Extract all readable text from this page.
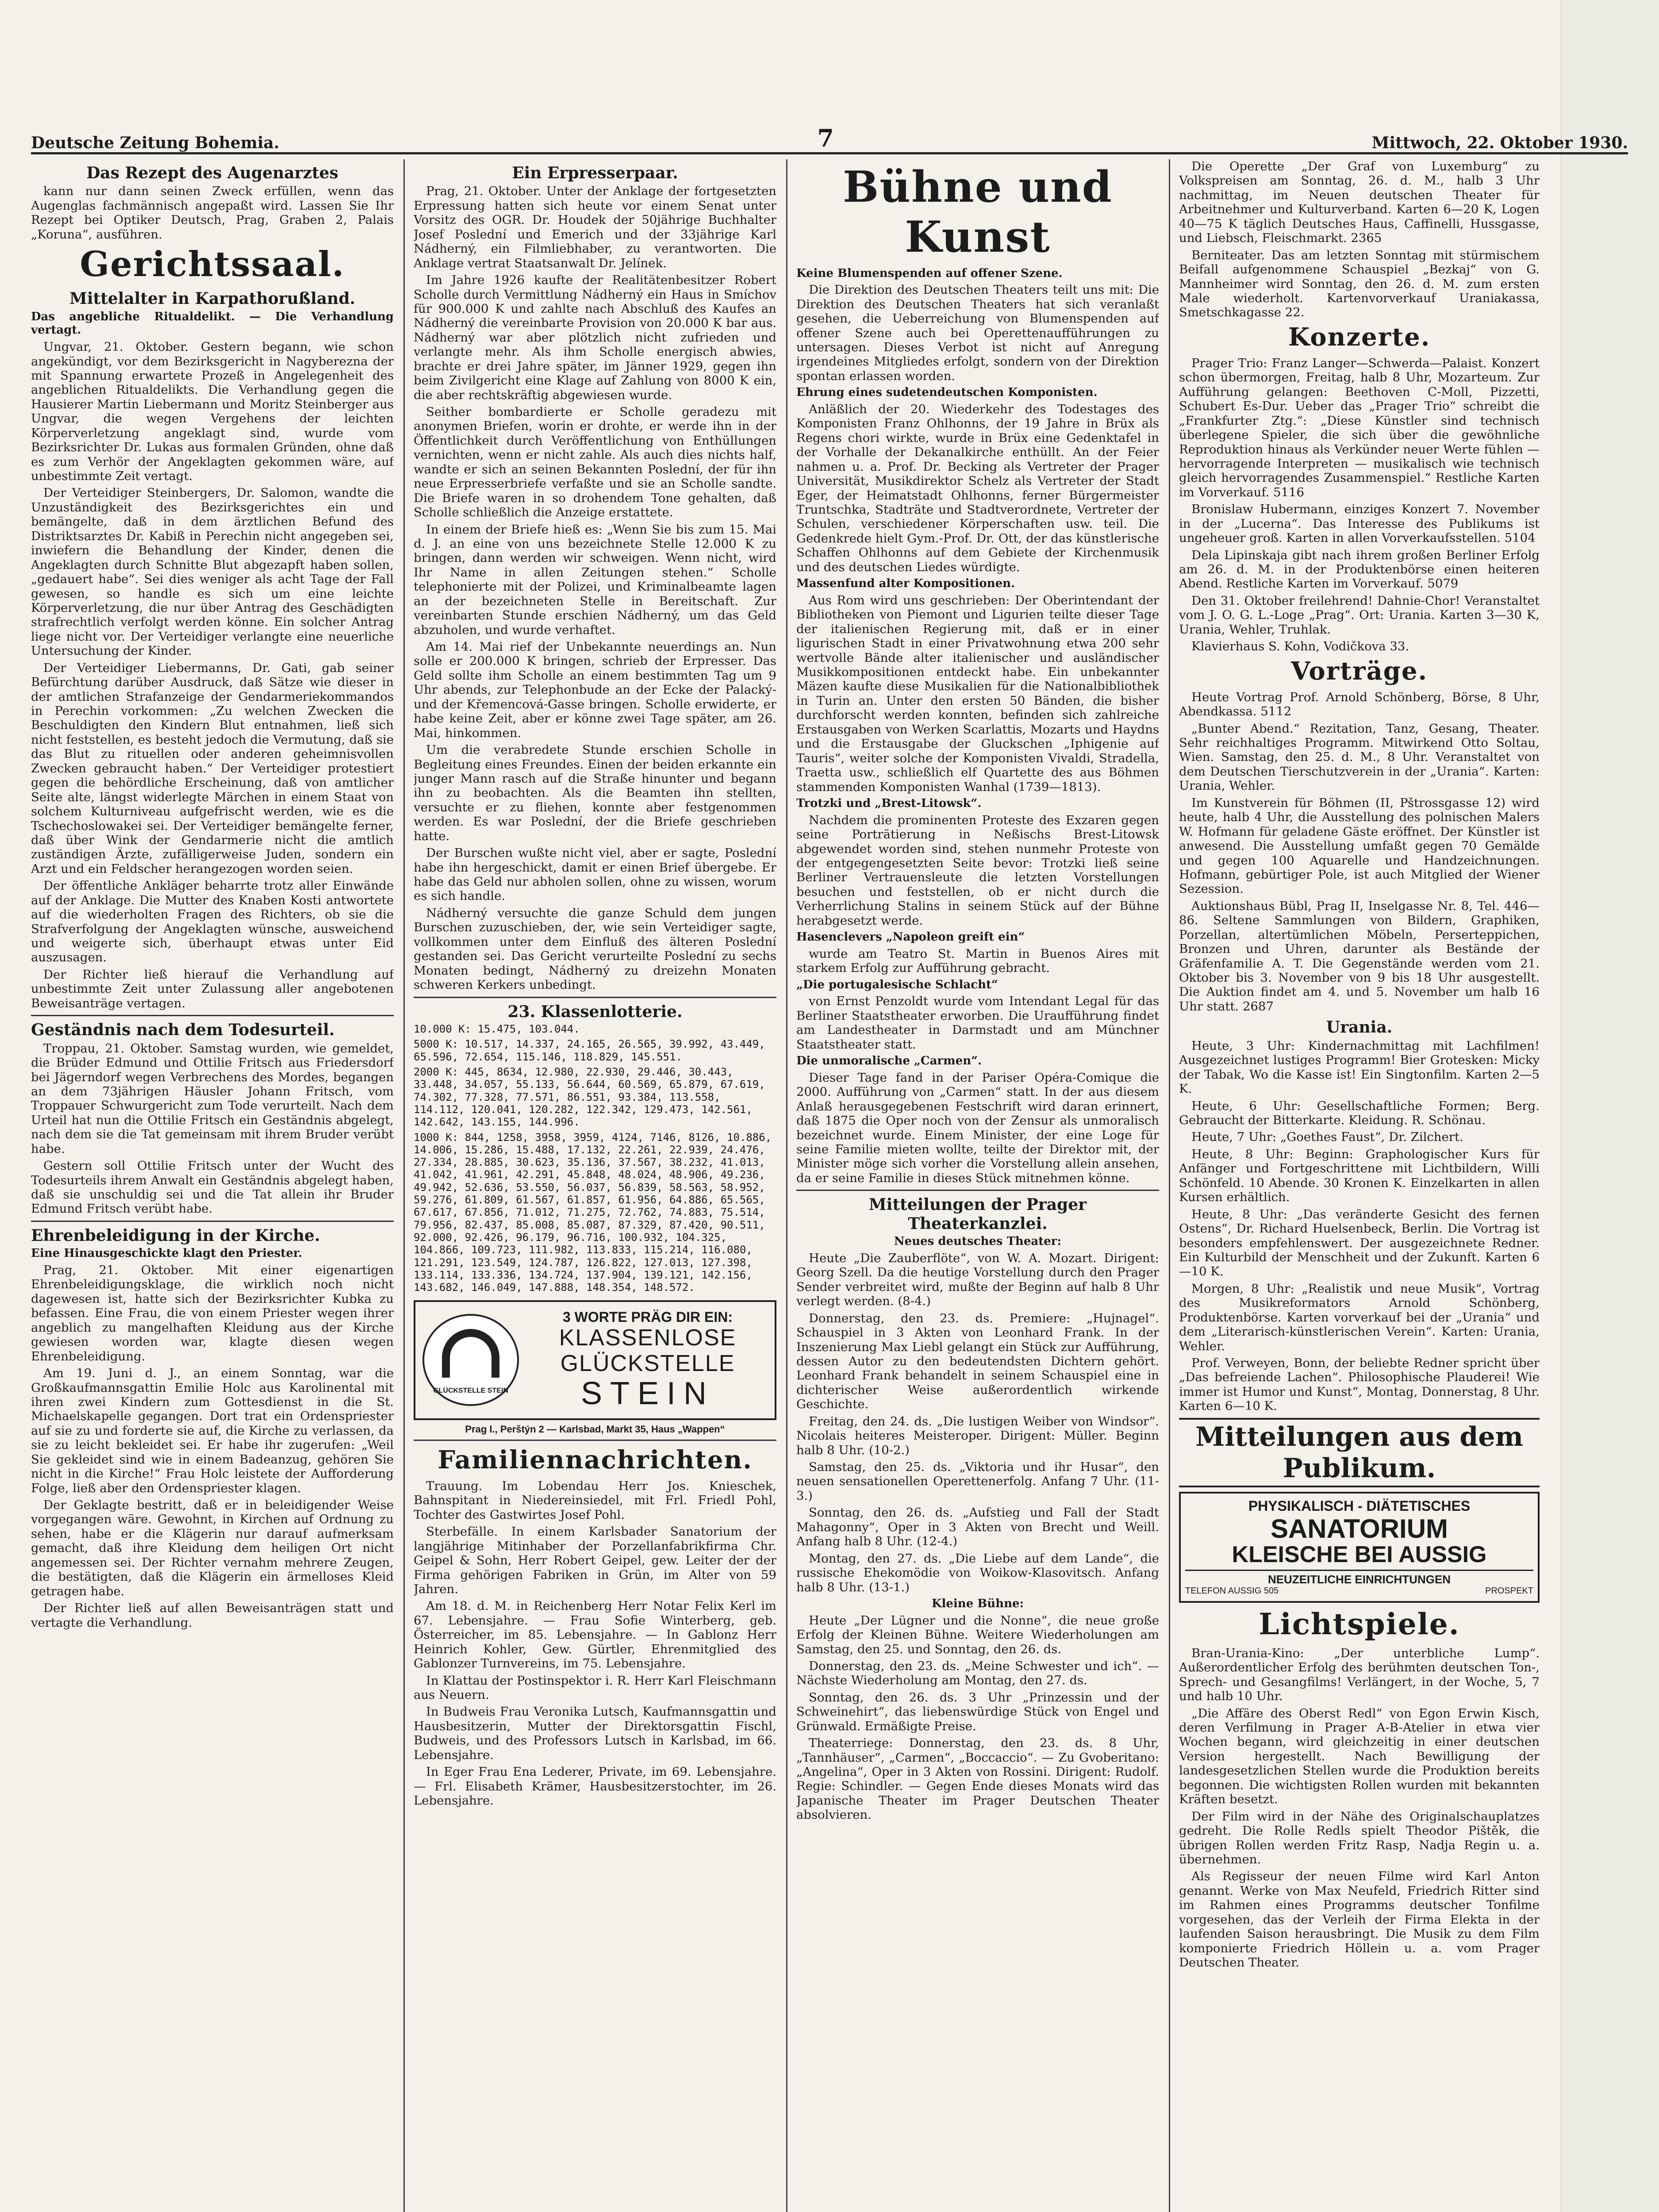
Deutsche Zeitung Bohemia.	7	Mittwoch, 22. Oktober 1930.
Das Rezept des Augenarztes

kann nur dann seinen Zweck erfüllen, wenn das Augenglas fachmännisch angepaßt wird. Lassen Sie Ihr Rezept bei Optiker Deutsch, Prag, Graben 2, Palais „Koruna“, ausführen.

Gerichtssaal.
Mittelalter in Karpathorußland.
Das angebliche Ritualdelikt. — Die Verhandlung vertagt.

Ungvar, 21. Oktober. Gestern begann, wie schon angekündigt, vor dem Bezirksgericht in Nagyberezna der mit Spannung erwartete Prozeß in Angelegenheit des angeblichen Ritualdelikts. Die Verhandlung gegen die Hausierer Martin Liebermann und Moritz Steinberger aus Ungvar, die wegen Vergehens der leichten Körperverletzung angeklagt sind, wurde vom Bezirksrichter Dr. Lukas aus formalen Gründen, ohne daß es zum Verhör der Angeklagten gekommen wäre, auf unbestimmte Zeit vertagt.

Der Verteidiger Steinbergers, Dr. Salomon, wandte die Unzuständigkeit des Bezirksgerichtes ein und bemängelte, daß in dem ärztlichen Befund des Distriktsarztes Dr. Kabiß in Perechin nicht angegeben sei, inwiefern die Behandlung der Kinder, denen die Angeklagten durch Schnitte Blut abgezapft haben sollen, „gedauert habe“. Sei dies weniger als acht Tage der Fall gewesen, so handle es sich um eine leichte Körperverletzung, die nur über Antrag des Geschädigten strafrechtlich verfolgt werden könne. Ein solcher Antrag liege nicht vor. Der Verteidiger verlangte eine neuerliche Untersuchung der Kinder.

Der Verteidiger Liebermanns, Dr. Gati, gab seiner Befürchtung darüber Ausdruck, daß Sätze wie dieser in der amtlichen Strafanzeige der Gendarmeriekommandos in Perechin vorkommen: „Zu welchen Zwecken die Beschuldigten den Kindern Blut entnahmen, ließ sich nicht feststellen, es besteht jedoch die Vermutung, daß sie das Blut zu rituellen oder anderen geheimnisvollen Zwecken gebraucht haben.“ Der Verteidiger protestiert gegen die behördliche Erscheinung, daß von amtlicher Seite alte, längst widerlegte Märchen in einem Staat von solchem Kulturniveau aufgefrischt werden, wie es die Tschechoslowakei sei. Der Verteidiger bemängelte ferner, daß über Wink der Gendarmerie nicht die amtlich zuständigen Ärzte, zufälligerweise Juden, sondern ein Arzt und ein Feldscher herangezogen worden seien.

Der öffentliche Ankläger beharrte trotz aller Einwände auf der Anklage. Die Mutter des Knaben Kosti antwortete auf die wiederholten Fragen des Richters, ob sie die Strafverfolgung der Angeklagten wünsche, ausweichend und weigerte sich, überhaupt etwas unter Eid auszusagen.

Der Richter ließ hierauf die Verhandlung auf unbestimmte Zeit unter Zulassung aller angebotenen Beweisanträge vertagen.

Geständnis nach dem Todesurteil.

Troppau, 21. Oktober. Samstag wurden, wie gemeldet, die Brüder Edmund und Ottilie Fritsch aus Friedersdorf bei Jägerndorf wegen Verbrechens des Mordes, begangen an dem 73jährigen Häusler Johann Fritsch, vom Troppauer Schwurgericht zum Tode verurteilt. Nach dem Urteil hat nun die Ottilie Fritsch ein Geständnis abgelegt, nach dem sie die Tat gemeinsam mit ihrem Bruder verübt habe.

Gestern soll Ottilie Fritsch unter der Wucht des Todesurteils ihrem Anwalt ein Geständnis abgelegt haben, daß sie unschuldig sei und die Tat allein ihr Bruder Edmund Fritsch verübt habe.

Ehrenbeleidigung in der Kirche.
Eine Hinausgeschickte klagt den Priester.

Prag, 21. Oktober. Mit einer eigenartigen Ehrenbeleidigungsklage, die wirklich noch nicht dagewesen ist, hatte sich der Bezirksrichter Kubka zu befassen. Eine Frau, die von einem Priester wegen ihrer angeblich zu mangelhaften Kleidung aus der Kirche gewiesen worden war, klagte diesen wegen Ehrenbeleidigung.

Am 19. Juni d. J., an einem Sonntag, war die Großkaufmannsgattin Emilie Holc aus Karolinental mit ihren zwei Kindern zum Gottesdienst in die St. Michaelskapelle gegangen. Dort trat ein Ordenspriester auf sie zu und forderte sie auf, die Kirche zu verlassen, da sie zu leicht bekleidet sei. Er habe ihr zugerufen: „Weil Sie gekleidet sind wie in einem Badeanzug, gehören Sie nicht in die Kirche!“ Frau Holc leistete der Aufforderung Folge, ließ aber den Ordenspriester klagen.

Der Geklagte bestritt, daß er in beleidigender Weise vorgegangen wäre. Gewohnt, in Kirchen auf Ordnung zu sehen, habe er die Klägerin nur darauf aufmerksam gemacht, daß ihre Kleidung dem heiligen Ort nicht angemessen sei. Der Richter vernahm mehrere Zeugen, die bestätigten, daß die Klägerin ein ärmelloses Kleid getragen habe.

Der Richter ließ auf allen Beweisanträgen statt und vertagte die Verhandlung.

Ein Erpresserpaar.

Prag, 21. Oktober. Unter der Anklage der fortgesetzten Erpressung hatten sich heute vor einem Senat unter Vorsitz des OGR. Dr. Houdek der 50jährige Buchhalter Josef Poslední und Emerich und der 33jährige Karl Nádherný, ein Filmliebhaber, zu verantworten. Die Anklage vertrat Staatsanwalt Dr. Jelínek.

Im Jahre 1926 kaufte der Realitätenbesitzer Robert Scholle durch Vermittlung Nádherný ein Haus in Smíchov für 900.000 K und zahlte nach Abschluß des Kaufes an Nádherný die vereinbarte Provision von 20.000 K bar aus. Nádherný war aber plötzlich nicht zufrieden und verlangte mehr. Als ihm Scholle energisch abwies, brachte er drei Jahre später, im Jänner 1929, gegen ihn beim Zivilgericht eine Klage auf Zahlung von 8000 K ein, die aber rechtskräftig abgewiesen wurde.

Seither bombardierte er Scholle geradezu mit anonymen Briefen, worin er drohte, er werde ihn in der Öffentlichkeit durch Veröffentlichung von Enthüllungen vernichten, wenn er nicht zahle. Als auch dies nichts half, wandte er sich an seinen Bekannten Poslední, der für ihn neue Erpresserbriefe verfaßte und sie an Scholle sandte. Die Briefe waren in so drohendem Tone gehalten, daß Scholle schließlich die Anzeige erstattete.

In einem der Briefe hieß es: „Wenn Sie bis zum 15. Mai d. J. an eine von uns bezeichnete Stelle 12.000 K zu bringen, dann werden wir schweigen. Wenn nicht, wird Ihr Name in allen Zeitungen stehen.“ Scholle telephonierte mit der Polizei, und Kriminalbeamte lagen an der bezeichneten Stelle in Bereitschaft. Zur vereinbarten Stunde erschien Nádherný, um das Geld abzuholen, und wurde verhaftet.

Am 14. Mai rief der Unbekannte neuerdings an. Nun solle er 200.000 K bringen, schrieb der Erpresser. Das Geld sollte ihm Scholle an einem bestimmten Tag um 9 Uhr abends, zur Telephonbude an der Ecke der Palacký- und der Křemencová-Gasse bringen. Scholle erwiderte, er habe keine Zeit, aber er könne zwei Tage später, am 26. Mai, hinkommen.

Um die verabredete Stunde erschien Scholle in Begleitung eines Freundes. Einen der beiden erkannte ein junger Mann rasch auf die Straße hinunter und begann ihn zu beobachten. Als die Beamten ihn stellten, versuchte er zu fliehen, konnte aber festgenommen werden. Es war Poslední, der die Briefe geschrieben hatte.

Der Burschen wußte nicht viel, aber er sagte, Poslední habe ihn hergeschickt, damit er einen Brief übergebe. Er habe das Geld nur abholen sollen, ohne zu wissen, worum es sich handle.

Nádherný versuchte die ganze Schuld dem jungen Burschen zuzuschieben, der, wie sein Verteidiger sagte, vollkommen unter dem Einfluß des älteren Poslední gestanden sei. Das Gericht verurteilte Poslední zu sechs Monaten bedingt, Nádherný zu dreizehn Monaten schweren Kerkers unbedingt.

23. Klassenlotterie.

10.000 K: 15.475, 103.044.

5000 K: 10.517, 14.337, 24.165, 26.565, 39.992, 43.449, 65.596, 72.654, 115.146, 118.829, 145.551.

2000 K: 445, 8634, 12.980, 22.930, 29.446, 30.443, 33.448, 34.057, 55.133, 56.644, 60.569, 65.879, 67.619, 74.302, 77.328, 77.571, 86.551, 93.384, 113.558, 114.112, 120.041, 120.282, 122.342, 129.473, 142.561, 142.642, 143.155, 144.996.

1000 K: 844, 1258, 3958, 3959, 4124, 7146, 8126, 10.886, 14.006, 15.286, 15.488, 17.132, 22.261, 22.939, 24.476, 27.334, 28.885, 30.623, 35.136, 37.567, 38.232, 41.013, 41.042, 41.961, 42.291, 45.848, 48.024, 48.906, 49.236, 49.942, 52.636, 53.550, 56.037, 56.839, 58.563, 58.952, 59.276, 61.809, 61.567, 61.857, 61.956, 64.886, 65.565, 67.617, 67.856, 71.012, 71.275, 72.762, 74.883, 75.514, 79.956, 82.437, 85.008, 85.087, 87.329, 87.420, 90.511, 92.000, 92.426, 96.179, 96.716, 100.932, 104.325, 104.866, 109.723, 111.982, 113.833, 115.214, 116.080, 121.291, 123.549, 124.787, 126.822, 127.013, 127.398, 133.114, 133.336, 134.724, 137.904, 139.121, 142.156, 143.682, 146.049, 147.888, 148.354, 148.572.

GLÜCKSTELLE STEIN
3 WORTE PRÄG DIR EIN:
KLASSENLOSE
GLÜCKSTELLE
STEIN
Prag I., Perštýn 2 — Karlsbad, Markt 35, Haus „Wappen“
Familiennachrichten.

Trauung. Im Lobendau Herr Jos. Knieschek, Bahnspitant in Niedereinsiedel, mit Frl. Friedl Pohl, Tochter des Gastwirtes Josef Pohl.

Sterbefälle. In einem Karlsbader Sanatorium der langjährige Mitinhaber der Porzellanfabrikfirma Chr. Geipel & Sohn, Herr Robert Geipel, gew. Leiter der der Firma gehörigen Fabriken in Grün, im Alter von 59 Jahren.

Am 18. d. M. in Reichenberg Herr Notar Felix Kerl im 67. Lebensjahre. — Frau Sofie Winterberg, geb. Österreicher, im 85. Lebensjahre. — In Gablonz Herr Heinrich Kohler, Gew. Gürtler, Ehrenmitglied des Gablonzer Turnvereins, im 75. Lebensjahre.

In Klattau der Postinspektor i. R. Herr Karl Fleischmann aus Neuern.

In Budweis Frau Veronika Lutsch, Kaufmannsgattin und Hausbesitzerin, Mutter der Direktorsgattin Fischl, Budweis, und des Professors Lutsch in Karlsbad, im 66. Lebensjahre.

In Eger Frau Ena Lederer, Private, im 69. Lebensjahre. — Frl. Elisabeth Krämer, Hausbesitzerstochter, im 26. Lebensjahre.

Bühne und Kunst
Keine Blumenspenden auf offener Szene.

Die Direktion des Deutschen Theaters teilt uns mit: Die Direktion des Deutschen Theaters hat sich veranlaßt gesehen, die Ueberreichung von Blumenspenden auf offener Szene auch bei Operettenaufführungen zu untersagen. Dieses Verbot ist nicht auf Anregung irgendeines Mitgliedes erfolgt, sondern von der Direktion spontan erlassen worden.

Ehrung eines sudetendeutschen Komponisten.

Anläßlich der 20. Wiederkehr des Todestages des Komponisten Franz Ohlhonns, der 19 Jahre in Brüx als Regens chori wirkte, wurde in Brüx eine Gedenktafel in der Vorhalle der Dekanalkirche enthüllt. An der Feier nahmen u. a. Prof. Dr. Becking als Vertreter der Prager Universität, Musikdirektor Schelz als Vertreter der Stadt Eger, der Heimatstadt Ohlhonns, ferner Bürgermeister Truntschka, Stadträte und Stadtverordnete, Vertreter der Schulen, verschiedener Körperschaften usw. teil. Die Gedenkrede hielt Gym.-Prof. Dr. Ott, der das künstlerische Schaffen Ohlhonns auf dem Gebiete der Kirchenmusik und des deutschen Liedes würdigte.

Massenfund alter Kompositionen.

Aus Rom wird uns geschrieben: Der Oberintendant der Bibliotheken von Piemont und Ligurien teilte dieser Tage der italienischen Regierung mit, daß er in einer ligurischen Stadt in einer Privatwohnung etwa 200 sehr wertvolle Bände alter italienischer und ausländischer Musikkompositionen entdeckt habe. Ein unbekannter Mäzen kaufte diese Musikalien für die Nationalbibliothek in Turin an. Unter den ersten 50 Bänden, die bisher durchforscht werden konnten, befinden sich zahlreiche Erstausgaben von Werken Scarlattis, Mozarts und Haydns und die Erstausgabe der Gluckschen „Iphigenie auf Tauris“, weiter solche der Komponisten Vivaldi, Stradella, Traetta usw., schließlich elf Quartette des aus Böhmen stammenden Komponisten Wanhal (1739—1813).

Trotzki und „Brest-Litowsk“.

Nachdem die prominenten Proteste des Exzaren gegen seine Porträtierung in Neßischs Brest-Litowsk abgewendet worden sind, stehen nunmehr Proteste von der entgegengesetzten Seite bevor: Trotzki ließ seine Berliner Vertrauensleute die letzten Vorstellungen besuchen und feststellen, ob er nicht durch die Verherrlichung Stalins in seinem Stück auf der Bühne herabgesetzt werde.

Hasenclevers „Napoleon greift ein“

wurde am Teatro St. Martin in Buenos Aires mit starkem Erfolg zur Aufführung gebracht.

„Die portugalesische Schlacht“

von Ernst Penzoldt wurde vom Intendant Legal für das Berliner Staatstheater erworben. Die Uraufführung findet am Landestheater in Darmstadt und am Münchner Staatstheater statt.

Die unmoralische „Carmen“.

Dieser Tage fand in der Pariser Opéra-Comique die 2000. Aufführung von „Carmen“ statt. In der aus diesem Anlaß herausgegebenen Festschrift wird daran erinnert, daß 1875 die Oper noch von der Zensur als unmoralisch bezeichnet wurde. Einem Minister, der eine Loge für seine Familie mieten wollte, teilte der Direktor mit, der Minister möge sich vorher die Vorstellung allein ansehen, da er seine Familie in dieses Stück mitnehmen könne.

Mitteilungen der Prager Theaterkanzlei.
Neues deutsches Theater:

Heute „Die Zauberflöte“, von W. A. Mozart. Dirigent: Georg Szell. Da die heutige Vorstellung durch den Prager Sender verbreitet wird, mußte der Beginn auf halb 8 Uhr verlegt werden. (8-4.)

Donnerstag, den 23. ds. Premiere: „Hujnagel“. Schauspiel in 3 Akten von Leonhard Frank. In der Inszenierung Max Liebl gelangt ein Stück zur Aufführung, dessen Autor zu den bedeutendsten Dichtern gehört. Leonhard Frank behandelt in seinem Schauspiel eine in dichterischer Weise außerordentlich wirkende Geschichte.

Freitag, den 24. ds. „Die lustigen Weiber von Windsor“. Nicolais heiteres Meisteroper. Dirigent: Müller. Beginn halb 8 Uhr. (10-2.)

Samstag, den 25. ds. „Viktoria und ihr Husar“, den neuen sensationellen Operettenerfolg. Anfang 7 Uhr. (11-3.)

Sonntag, den 26. ds. „Aufstieg und Fall der Stadt Mahagonny“, Oper in 3 Akten von Brecht und Weill. Anfang halb 8 Uhr. (12-4.)

Montag, den 27. ds. „Die Liebe auf dem Lande“, die russische Ehekomödie von Woikow-Klasovitsch. Anfang halb 8 Uhr. (13-1.)

Kleine Bühne:

Heute „Der Lügner und die Nonne“, die neue große Erfolg der Kleinen Bühne. Weitere Wiederholungen am Samstag, den 25. und Sonntag, den 26. ds.

Donnerstag, den 23. ds. „Meine Schwester und ich“. — Nächste Wiederholung am Montag, den 27. ds.

Sonntag, den 26. ds. 3 Uhr „Prinzessin und der Schweinehirt“, das liebenswürdige Stück von Engel und Grünwald. Ermäßigte Preise.

Theaterriege: Donnerstag, den 23. ds. 8 Uhr, „Tannhäuser“, „Carmen“, „Boccaccio“. — Zu Gvoberitano: „Angelina“, Oper in 3 Akten von Rossini. Dirigent: Rudolf. Regie: Schindler. — Gegen Ende dieses Monats wird das Japanische Theater im Prager Deutschen Theater absolvieren.

Die Operette „Der Graf von Luxemburg“ zu Volkspreisen am Sonntag, 26. d. M., halb 3 Uhr nachmittag, im Neuen deutschen Theater für Arbeitnehmer und Kulturverband. Karten 6—20 K, Logen 40—75 K täglich Deutsches Haus, Caffinelli, Hussgasse, und Liebsch, Fleischmarkt. 2365

Berniteater. Das am letzten Sonntag mit stürmischem Beifall aufgenommene Schauspiel „Bezkaj“ von G. Mannheimer wird Sonntag, den 26. d. M. zum ersten Male wiederholt. Kartenvorverkauf Uraniakassa, Smetschkagasse 22.

Konzerte.

Prager Trio: Franz Langer—Schwerda—Palaist. Konzert schon übermorgen, Freitag, halb 8 Uhr, Mozarteum. Zur Aufführung gelangen: Beethoven C-Moll, Pizzetti, Schubert Es-Dur. Ueber das „Prager Trio“ schreibt die „Frankfurter Ztg.“: „Diese Künstler sind technisch überlegene Spieler, die sich über die gewöhnliche Reproduktion hinaus als Verkünder neuer Werte fühlen — hervorragende Interpreten — musikalisch wie technisch gleich hervorragendes Zusammenspiel.“ Restliche Karten im Vorverkauf. 5116

Bronislaw Hubermann, einziges Konzert 7. November in der „Lucerna“. Das Interesse des Publikums ist ungeheuer groß. Karten in allen Vorverkaufsstellen. 5104

Dela Lipinskaja gibt nach ihrem großen Berliner Erfolg am 26. d. M. in der Produktenbörse einen heiteren Abend. Restliche Karten im Vorverkauf. 5079

Den 31. Oktober freilehrend! Dahnie-Chor! Veranstaltet vom J. O. G. L.-Loge „Prag“. Ort: Urania. Karten 3—30 K, Urania, Wehler, Truhlak.

Klavierhaus S. Kohn, Vodičkova 33.

Vorträge.

Heute Vortrag Prof. Arnold Schönberg, Börse, 8 Uhr, Abendkassa. 5112

„Bunter Abend.“ Rezitation, Tanz, Gesang, Theater. Sehr reichhaltiges Programm. Mitwirkend Otto Soltau, Wien. Samstag, den 25. d. M., 8 Uhr. Veranstaltet von dem Deutschen Tierschutzverein in der „Urania“. Karten: Urania, Wehler.

Im Kunstverein für Böhmen (II, Pštrossgasse 12) wird heute, halb 4 Uhr, die Ausstellung des polnischen Malers W. Hofmann für geladene Gäste eröffnet. Der Künstler ist anwesend. Die Ausstellung umfaßt gegen 70 Gemälde und gegen 100 Aquarelle und Handzeichnungen. Hofmann, gebürtiger Pole, ist auch Mitglied der Wiener Sezession.

Auktionshaus Bübl, Prag II, Inselgasse Nr. 8, Tel. 446—86. Seltene Sammlungen von Bildern, Graphiken, Porzellan, altertümlichen Möbeln, Perserteppichen, Bronzen und Uhren, darunter als Bestände der Gräfenfamilie A. T. Die Gegenstände werden vom 21. Oktober bis 3. November von 9 bis 18 Uhr ausgestellt. Die Auktion findet am 4. und 5. November um halb 16 Uhr statt. 2687

Urania.

Heute, 3 Uhr: Kindernachmittag mit Lachfilmen! Ausgezeichnet lustiges Programm! Bier Grotesken: Micky der Tabak, Wo die Kasse ist! Ein Singtonfilm. Karten 2—5 K.

Heute, 6 Uhr: Gesellschaftliche Formen; Berg. Gebraucht der Bitterkarte. Kleidung. R. Schönau.

Heute, 7 Uhr: „Goethes Faust“, Dr. Zilchert.

Heute, 8 Uhr: Beginn: Graphologischer Kurs für Anfänger und Fortgeschrittene mit Lichtbildern, Willi Schönfeld. 10 Abende. 30 Kronen K. Einzelkarten in allen Kursen erhältlich.

Heute, 8 Uhr: „Das veränderte Gesicht des fernen Ostens“, Dr. Richard Huelsenbeck, Berlin. Die Vortrag ist besonders empfehlenswert. Der ausgezeichnete Redner. Ein Kulturbild der Menschheit und der Zukunft. Karten 6—10 K.

Morgen, 8 Uhr: „Realistik und neue Musik“, Vortrag des Musikreformators Arnold Schönberg, Produktenbörse. Karten vorverkauf bei der „Urania“ und dem „Literarisch-künstlerischen Verein“. Karten: Urania, Wehler.

Prof. Verweyen, Bonn, der beliebte Redner spricht über „Das befreiende Lachen“. Philosophische Plauderei! Wie immer ist Humor und Kunst“, Montag, Donnerstag, 8 Uhr. Karten 6—10 K.

Mitteilungen aus dem Publikum.
PHYSIKALISCH - DIÄTETISCHES
SANATORIUM
KLEISCHE BEI AUSSIG
NEUZEITLICHE EINRICHTUNGEN
TELEFON AUSSIG 505	PROSPEKT
Lichtspiele.

Bran-Urania-Kino: „Der unterbliche Lump“. Außerordentlicher Erfolg des berühmten deutschen Ton-, Sprech- und Gesangfilms! Verlängert, in der Woche, 5, 7 und halb 10 Uhr.

„Die Affäre des Oberst Redl“ von Egon Erwin Kisch, deren Verfilmung in Prager A-B-Atelier in etwa vier Wochen begann, wird gleichzeitig in einer deutschen Version hergestellt. Nach Bewilligung der landesgesetzlichen Stellen wurde die Produktion bereits begonnen. Die wichtigsten Rollen wurden mit bekannten Kräften besetzt.

Der Film wird in der Nähe des Originalschauplatzes gedreht. Die Rolle Redls spielt Theodor Pištěk, die übrigen Rollen werden Fritz Rasp, Nadja Regin u. a. übernehmen.

Als Regisseur der neuen Filme wird Karl Anton genannt. Werke von Max Neufeld, Friedrich Ritter sind im Rahmen eines Programms deutscher Tonfilme vorgesehen, das der Verleih der Firma Elekta in der laufenden Saison herausbringt. Die Musik zu dem Film komponierte Friedrich Höllein u. a. vom Prager Deutschen Theater.
